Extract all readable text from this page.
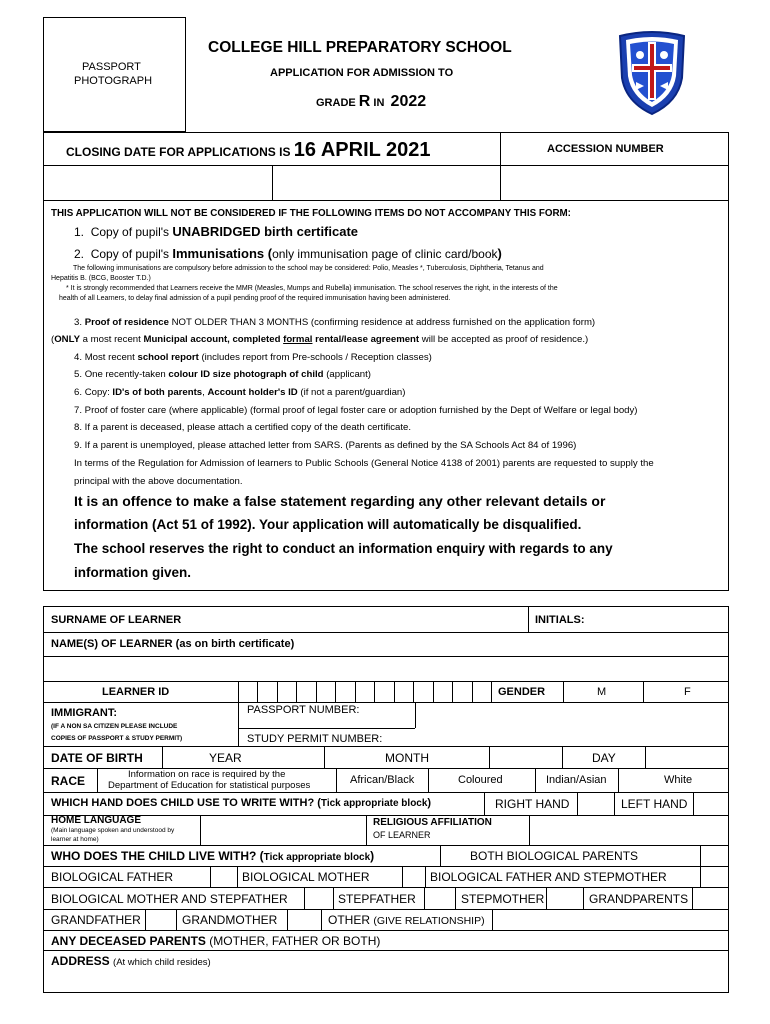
PASSPORT
PHOTOGRAPH
COLLEGE HILL PREPARATORY SCHOOL
APPLICATION FOR ADMISSION TO
GRADE R IN 2022
CLOSING DATE FOR APPLICATIONS IS 16 APRIL 2021	ACCESSION NUMBER
THIS APPLICATION WILL NOT BE CONSIDERED IF THE FOLLOWING ITEMS DO NOT ACCOMPANY THIS FORM:
1. Copy of pupil's UNABRIDGED birth certificate
2. Copy of pupil's Immunisations (only immunisation page of clinic card/book)
The following immunisations are compulsory before admission to the school may be considered: Polio, Measles *, Tuberculosis, Diphtheria, Tetanus and
Hepatitis B. (BCG, Booster T.D.)
* It is strongly recommended that Learners receive the MMR (Measles, Mumps and Rubella) immunisation. The school reserves the right, in the interests of the
health of all Learners, to delay final admission of a pupil pending proof of the required immunisation having been administered.
3. Proof of residence NOT OLDER THAN 3 MONTHS (confirming residence at address furnished on the application form)
(ONLY a most recent Municipal account, completed formal rental/lease agreement will be accepted as proof of residence.)
4. Most recent school report (includes report from Pre-schools / Reception classes)
5. One recently-taken colour ID size photograph of child (applicant)
6. Copy: ID's of both parents, Account holder's ID (if not a parent/guardian)
7. Proof of foster care (where applicable) (formal proof of legal foster care or adoption furnished by the Dept of Welfare or legal body)
8. If a parent is deceased, please attach a certified copy of the death certificate.
9. If a parent is unemployed, please attached letter from SARS. (Parents as defined by the SA Schools Act 84 of 1996)
In terms of the Regulation for Admission of learners to Public Schools (General Notice 4138 of 2001) parents are requested to supply the
principal with the above documentation.
It is an offence to make a false statement regarding any other relevant details or
information (Act 51 of 1992). Your application will automatically be disqualified.
The school reserves the right to conduct an information enquiry with regards to any
information given.
SURNAME OF LEARNER	INITIALS:
NAME(S) OF LEARNER (as on birth certificate)
LEARNER ID	GENDER	M	F
IMMIGRANT:
(IF A NON SA CITIZEN PLEASE INCLUDE
COPIES OF PASSPORT & STUDY PERMIT)
PASSPORT NUMBER:
STUDY PERMIT NUMBER:
DATE OF BIRTH	YEAR	MONTH	DAY
RACE	Information on race is required by the
Department of Education for statistical purposes	African/Black	Coloured	Indian/Asian	White
WHICH HAND DOES CHILD USE TO WRITE WITH? (Tick appropriate block)	RIGHT HAND	LEFT HAND
HOME LANGUAGE
(Main language spoken and understood by
learner at home)
RELIGIOUS AFFILIATION
OF LEARNER
WHO DOES THE CHILD LIVE WITH? (Tick appropriate block)	BOTH BIOLOGICAL PARENTS
BIOLOGICAL FATHER	BIOLOGICAL MOTHER	BIOLOGICAL FATHER AND STEPMOTHER
BIOLOGICAL MOTHER AND STEPFATHER	STEPFATHER	STEPMOTHER	GRANDPARENTS
GRANDFATHER	GRANDMOTHER	OTHER (GIVE RELATIONSHIP)
ANY DECEASED PARENTS (MOTHER, FATHER OR BOTH)
ADDRESS (At which child resides)
